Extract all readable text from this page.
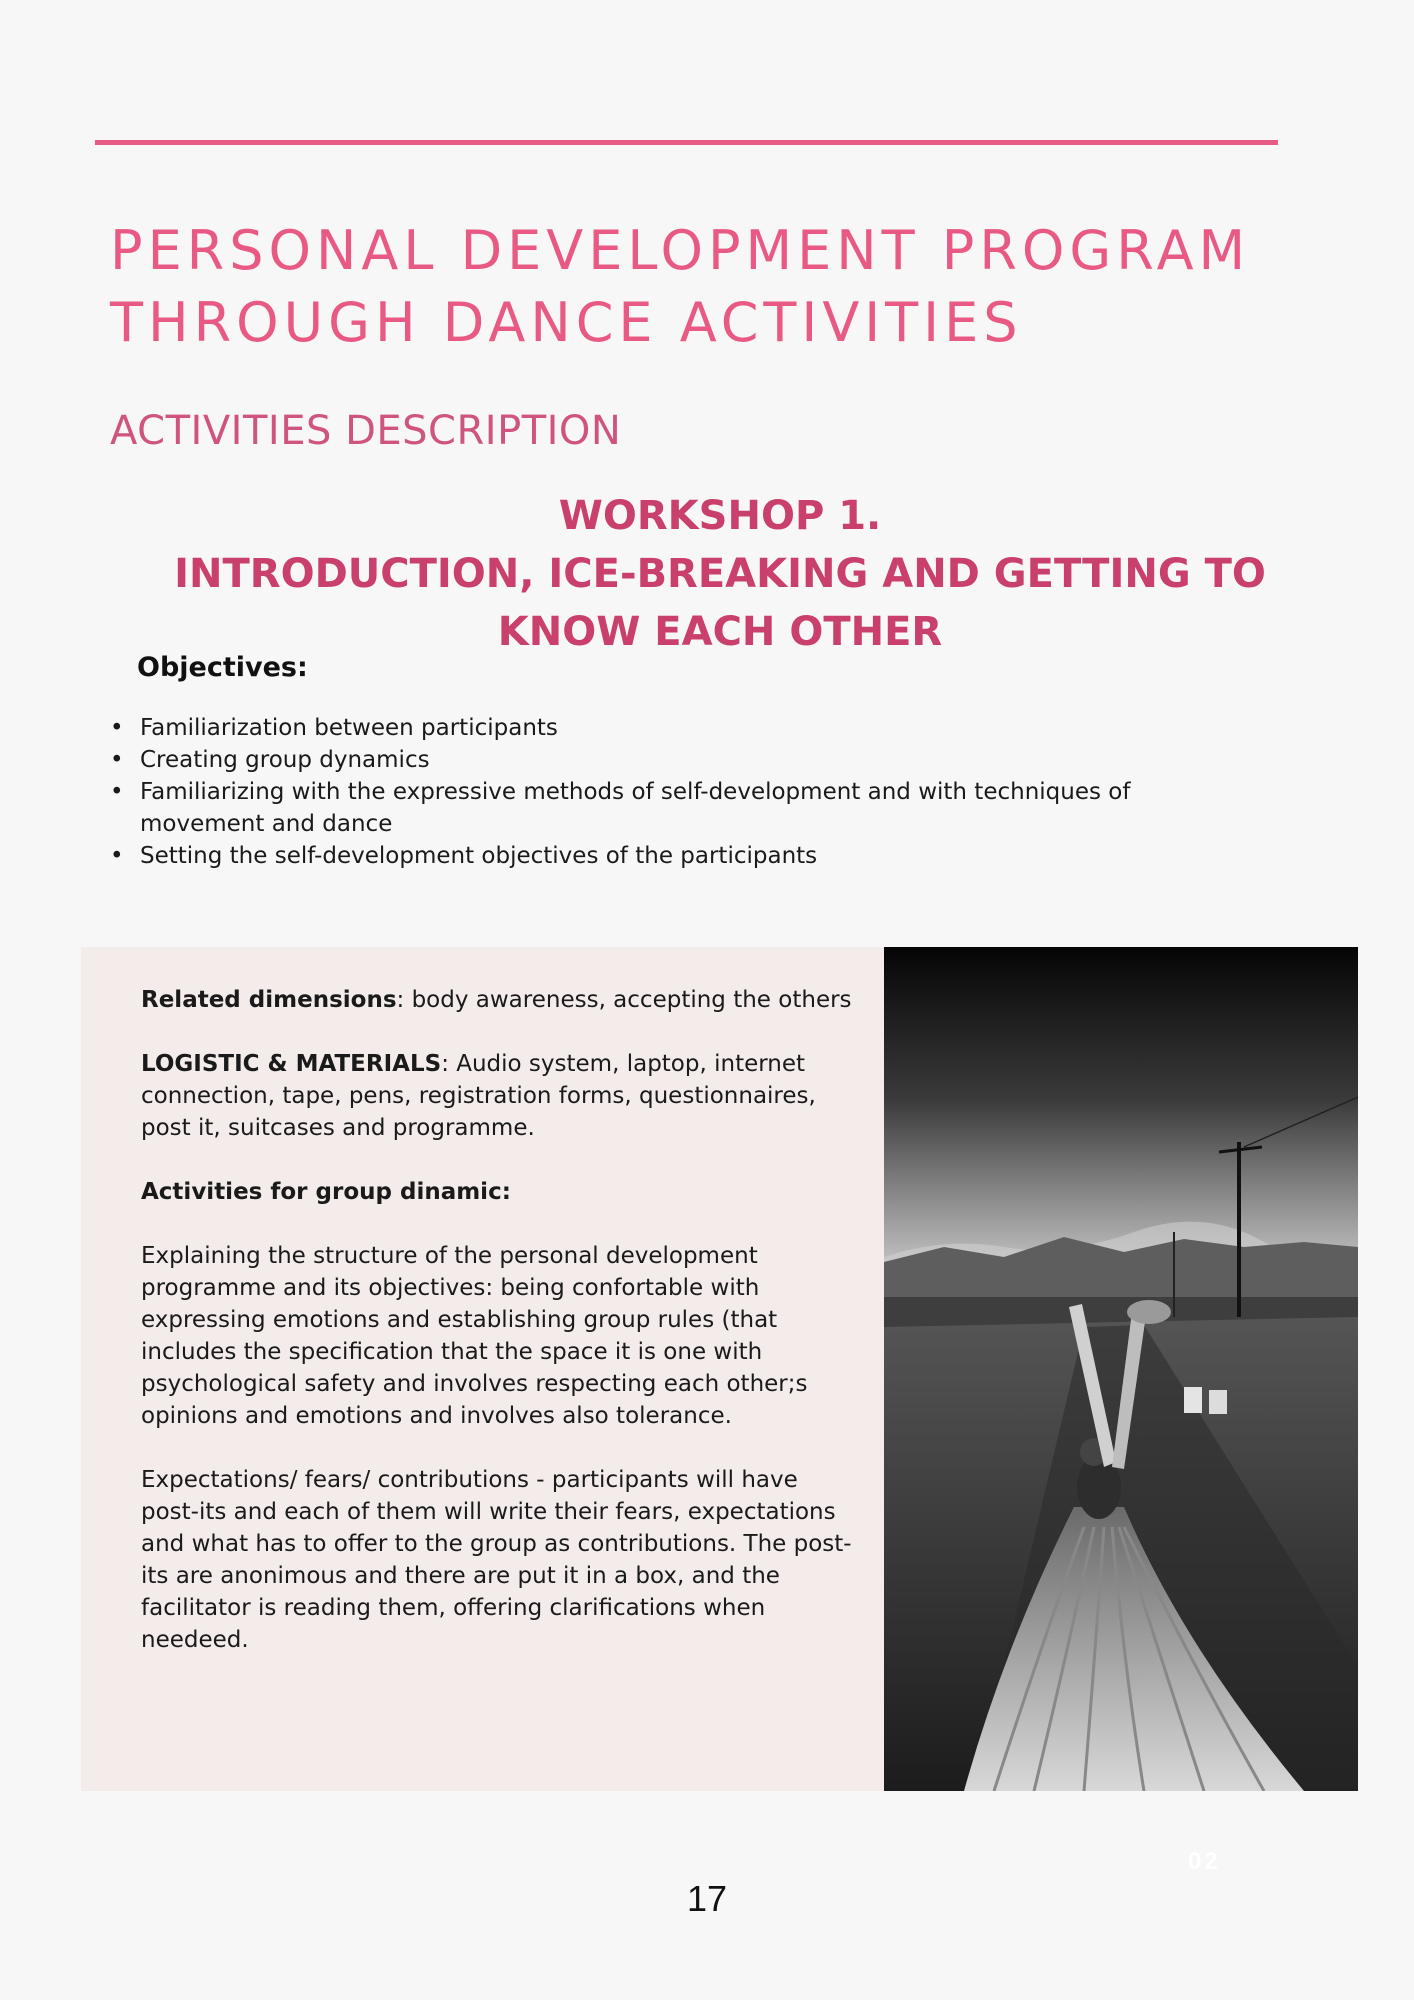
PERSONAL DEVELOPMENT PROGRAM
THROUGH DANCE ACTIVITIES
ACTIVITIES DESCRIPTION
WORKSHOP 1.
INTRODUCTION, ICE-BREAKING AND GETTING TO
KNOW EACH OTHER
Objectives:
• Familiarization between participants
• Creating group dynamics
• Familiarizing with the expressive methods of self-development and with techniques of movement and dance
• Setting the self-development objectives of the participants

Related dimensions: body awareness, accepting the others

LOGISTIC & MATERIALS: Audio system, laptop, internet connection, tape, pens, registration forms, questionnaires, post it, suitcases and programme.

Activities for group dinamic:

Explaining the structure of the personal development programme and its objectives: being confortable with expressing emotions and establishing group rules (that includes the specification that the space it is one with psychological safety and involves respecting each other;s opinions and emotions and involves also tolerance.

Expectations/ fears/ contributions - participants will have post-its and each of them will write their fears, expectations and what has to offer to the group as contributions. The post-its are anonimous and there are put it in a box, and the facilitator is reading them, offering clarifications when needeed.

17
02
